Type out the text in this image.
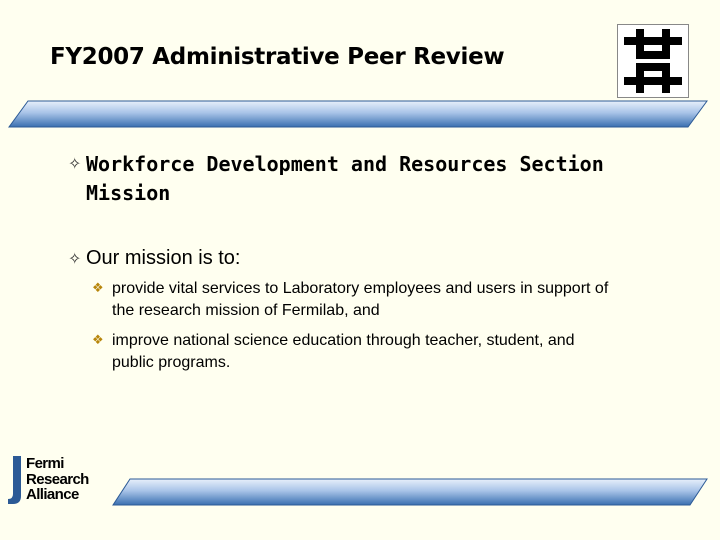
FY2007 Administrative Peer Review
✧ Workforce Development and Resources Section Mission
✧ Our mission is to:
❖ provide vital services to Laboratory employees and users in support of the research mission of Fermilab, and
❖ improve national science education through teacher, student, and public programs.
Fermi
Research
Alliance
